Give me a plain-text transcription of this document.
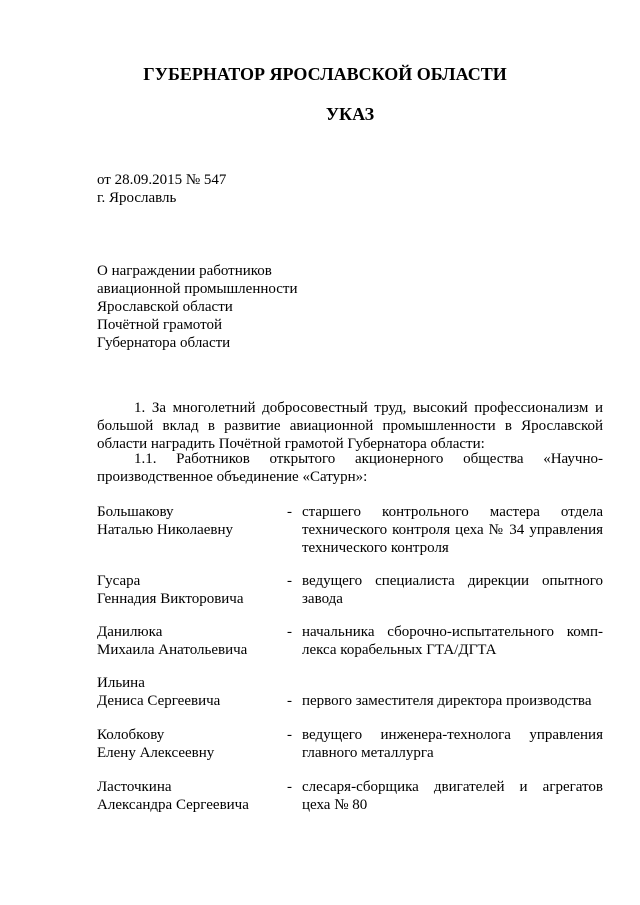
ГУБЕРНАТОР ЯРОСЛАВСКОЙ ОБЛАСТИ
УКАЗ
от 28.09.2015 № 547
г. Ярославль
О награждении работников
авиационной промышленности
Ярославской области
Почётной грамотой
Губернатора области
1. За многолетний добросовестный труд, высокий профессионализм и
большой вклад в развитие авиационной промышленности в Ярославской
области наградить Почётной грамотой Губернатора области:
1.1. Работников открытого акционерного общества «Научно-
производственное объединение «Сатурн»:
Большакову
Наталью Николаевну
- старшего контрольного мастера отдела
технического контроля цеха № 34 управления
технического контроля
Гусара
Геннадия Викторовича
- ведущего специалиста дирекции опытного
завода
Данилюка
Михаила Анатольевича
- начальника сборочно-испытательного комп-
лекса корабельных ГТА/ДГТА
Ильина
Дениса Сергеевича	- первого заместителя директора производства
Колобкову
Елену Алексеевну
- ведущего инженера-технолога управления
главного металлурга
Ласточкина
Александра Сергеевича
- слесаря-сборщика двигателей и агрегатов
цеха № 80
